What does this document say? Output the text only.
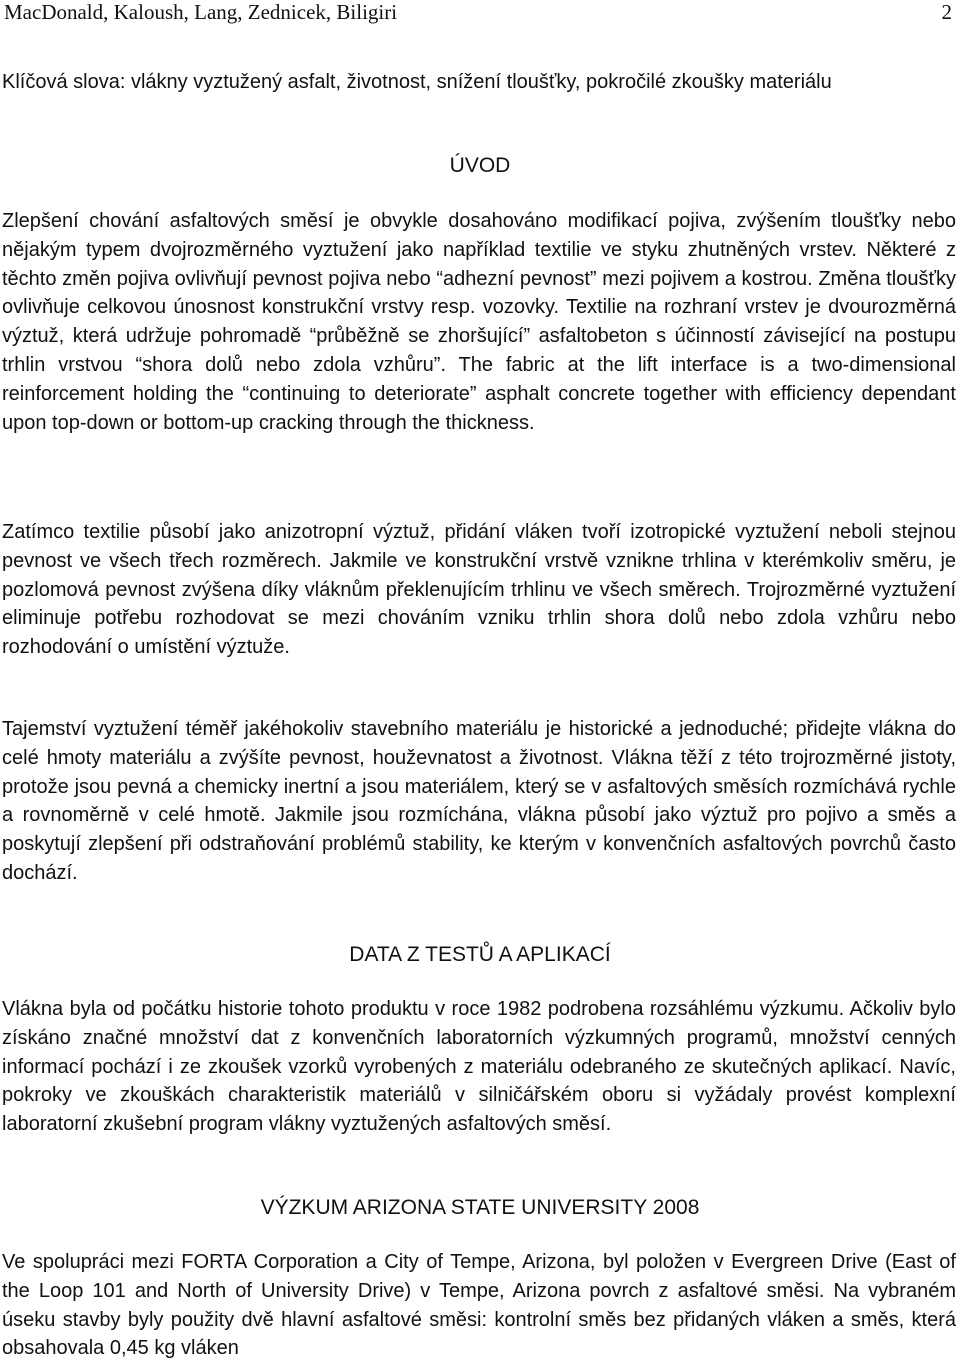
MacDonald, Kaloush, Lang, Zednicek, Biligiri	2

Klíčová slova: vlákny vyztužený asfalt, životnost, snížení tloušťky, pokročilé zkoušky materiálu

ÚVOD

Zlepšení chování asfaltových směsí je obvykle dosahováno modifikací pojiva, zvýšením tloušťky nebo nějakým typem dvojrozměrného vyztužení jako například textilie ve styku zhutněných vrstev. Některé z těchto změn pojiva ovlivňují pevnost pojiva nebo “adhezní pevnost” mezi pojivem a kostrou. Změna tloušťky ovlivňuje celkovou únosnost konstrukční vrstvy resp. vozovky. Textilie na rozhraní vrstev je dvourozměrná výztuž, která udržuje pohromadě “průběžně se zhoršující” asfaltobeton s účinností závisející na postupu trhlin vrstvou “shora dolů nebo zdola vzhůru”. The fabric at the lift interface is a two-dimensional reinforcement holding the “continuing to deteriorate” asphalt concrete together with efficiency dependant upon top-down or bottom-up cracking through the thickness.

Zatímco textilie působí jako anizotropní výztuž, přidání vláken tvoří izotropické vyztužení neboli stejnou pevnost ve všech třech rozměrech. Jakmile ve konstrukční vrstvě vznikne trhlina v kterémkoliv směru, je pozlomová pevnost zvýšena díky vláknům překlenujícím trhlinu ve všech směrech. Trojrozměrné vyztužení eliminuje potřebu rozhodovat se mezi chováním vzniku trhlin shora dolů nebo zdola vzhůru nebo rozhodování o umístění výztuže.

Tajemství vyztužení téměř jakéhokoliv stavebního materiálu je historické a jednoduché; přidejte vlákna do celé hmoty materiálu a zvýšíte pevnost, houževnatost a životnost. Vlákna těží z této trojrozměrné jistoty, protože jsou pevná a chemicky inertní a jsou materiálem, který se v asfaltových směsích rozmíchává rychle a rovnoměrně v celé hmotě. Jakmile jsou rozmíchána, vlákna působí jako výztuž pro pojivo a směs a poskytují zlepšení při odstraňování problémů stability, ke kterým v konvenčních asfaltových povrchů často dochází.

DATA Z TESTŮ A APLIKACÍ

Vlákna byla od počátku historie tohoto produktu v roce 1982 podrobena rozsáhlému výzkumu. Ačkoliv bylo získáno značné množství dat z konvenčních laboratorních výzkumných programů, množství cenných informací pochází i ze zkoušek vzorků vyrobených z materiálu odebraného ze skutečných aplikací. Navíc, pokroky ve zkouškách charakteristik materiálů v silničářském oboru si vyžádaly provést komplexní laboratorní zkušební program vlákny vyztužených asfaltových směsí.

VÝZKUM ARIZONA STATE UNIVERSITY 2008

Ve spolupráci mezi FORTA Corporation a City of Tempe, Arizona, byl položen v Evergreen Drive (East of the Loop 101 and North of University Drive) v Tempe, Arizona povrch z asfaltové směsi. Na vybraném úseku stavby byly použity dvě hlavní asfaltové směsi: kontrolní směs bez přidaných vláken a směs, která obsahovala 0,45 kg vláken
